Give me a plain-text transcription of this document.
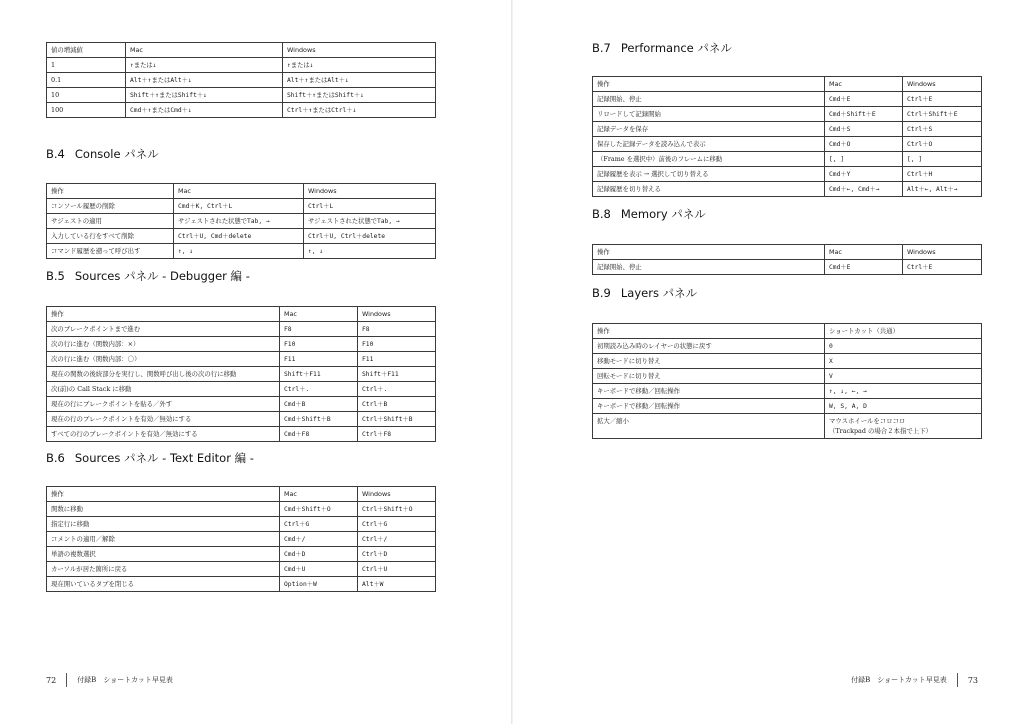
値の増減値	Mac	Windows
1	↑または↓	↑または↓
0.1	Alt＋↑またはAlt＋↓	Alt＋↑またはAlt＋↓
10	Shift＋↑またはShift＋↓	Shift＋↑またはShift＋↓
100	Cmd＋↑またはCmd＋↓	Ctrl＋↑またはCtrl＋↓
B.4 Console パネル
操作	Mac	Windows
コンソール履歴の削除	Cmd＋K, Ctrl＋L	Ctrl＋L
サジェストの適用	サジェストされた状態でTab, →	サジェストされた状態でTab, →
入力している行をすべて削除	Ctrl＋U, Cmd＋delete	Ctrl＋U, Ctrl＋delete
コマンド履歴を遡って呼び出す	↑, ↓	↑, ↓
B.5 Sources パネル - Debugger 編 -
操作	Mac	Windows
次のブレークポイントまで進む	F8	F8
次の行に進む（関数内部：×）	F10	F10
次の行に進む（関数内部：〇）	F11	F11
現在の関数の後続部分を実行し、関数呼び出し後の次の行に移動	Shift＋F11	Shift＋F11
次(前)の Call Stack に移動	Ctrl＋.	Ctrl＋.
現在の行にブレークポイントを貼る／外す	Cmd＋B	Ctrl＋B
現在の行のブレークポイントを有効／無効にする	Cmd＋Shift＋B	Ctrl＋Shift＋B
すべての行のブレークポイントを有効／無効にする	Cmd＋F8	Ctrl＋F8
B.6 Sources パネル - Text Editor 編 -
操作	Mac	Windows
関数に移動	Cmd＋Shift＋O	Ctrl＋Shift＋O
指定行に移動	Ctrl＋G	Ctrl＋G
コメントの適用／解除	Cmd＋/	Ctrl＋/
単語の複数選択	Cmd＋D	Ctrl＋D
カーソルが居た箇所に戻る	Cmd＋U	Ctrl＋U
現在開いているタブを閉じる	Option＋W	Alt＋W
72	付録B　ショートカット早見表
B.7 Performance パネル
操作	Mac	Windows
記録開始、停止	Cmd＋E	Ctrl＋E
リロードして記録開始	Cmd＋Shift＋E	Ctrl＋Shift＋E
記録データを保存	Cmd＋S	Ctrl＋S
保存した記録データを読み込んで表示	Cmd＋O	Ctrl＋O
（Frame を選択中）前後のフレームに移動	[, ]	[, ]
記録履歴を表示 → 選択して切り替える	Cmd＋Y	Ctrl＋H
記録履歴を切り替える	Cmd＋←, Cmd＋→	Alt＋←, Alt＋→
B.8 Memory パネル
操作	Mac	Windows
記録開始、停止	Cmd＋E	Ctrl＋E
B.9 Layers パネル
操作	ショートカット（共通）
初期読み込み時のレイヤーの状態に戻す	0
移動モードに切り替え	X
回転モードに切り替え	V
キーボードで移動／回転操作	↑, ↓, ←, →
キーボードで移動／回転操作	W, S, A, D
拡大／縮小	マウスホイールをコロコロ
（Trackpad の場合２本指で上下）
付録B　ショートカット早見表	73
